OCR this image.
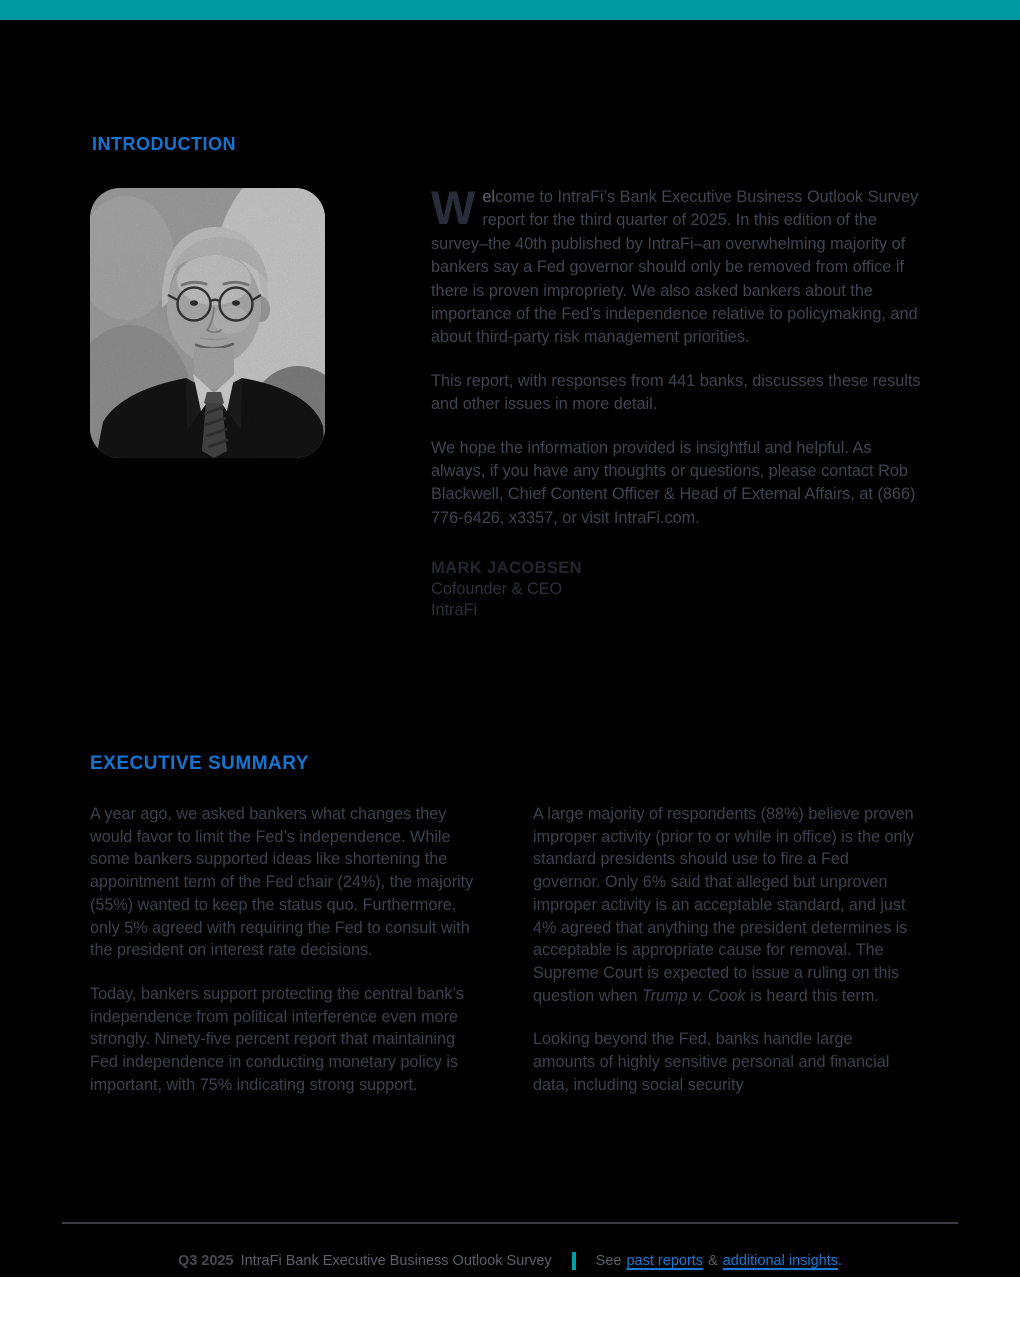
INTRODUCTION

Welcome to IntraFi’s Bank Executive Business Outlook Survey report for the third quarter of 2025. In this edition of the survey–the 40th published by IntraFi–an overwhelming majority of bankers say a Fed governor should only be removed from office if there is proven impropriety. We also asked bankers about the importance of the Fed’s independence relative to policymaking, and about third-party risk management priorities.

This report, with responses from 441 banks, discusses these results and other issues in more detail.

We hope the information provided is insightful and helpful. As always, if you have any thoughts or questions, please contact Rob Blackwell, Chief Content Officer & Head of External Affairs, at (866) 776-6426, x3357, or visit IntraFi.com.

MARK JACOBSEN
Cofounder & CEO
IntraFi
EXECUTIVE SUMMARY

A year ago, we asked bankers what changes they would favor to limit the Fed’s independence. While some bankers supported ideas like shortening the appointment term of the Fed chair (24%), the majority (55%) wanted to keep the status quo. Furthermore, only 5% agreed with requiring the Fed to consult with the president on interest rate decisions.

Today, bankers support protecting the central bank’s independence from political interference even more strongly. Ninety-five percent report that maintaining Fed independence in conducting monetary policy is important, with 75% indicating strong support.

A large majority of respondents (88%) believe proven improper activity (prior to or while in office) is the only standard presidents should use to fire a Fed governor. Only 6% said that alleged but unproven improper activity is an acceptable standard, and just 4% agreed that anything the president determines is acceptable is appropriate cause for removal. The Supreme Court is expected to issue a ruling on this question when Trump v. Cook is heard this term.

Looking beyond the Fed, banks handle large amounts of highly sensitive personal and financial data, including social security

Q3 2025 IntraFi Bank Executive Business Outlook Survey	See past reports & additional insights .
